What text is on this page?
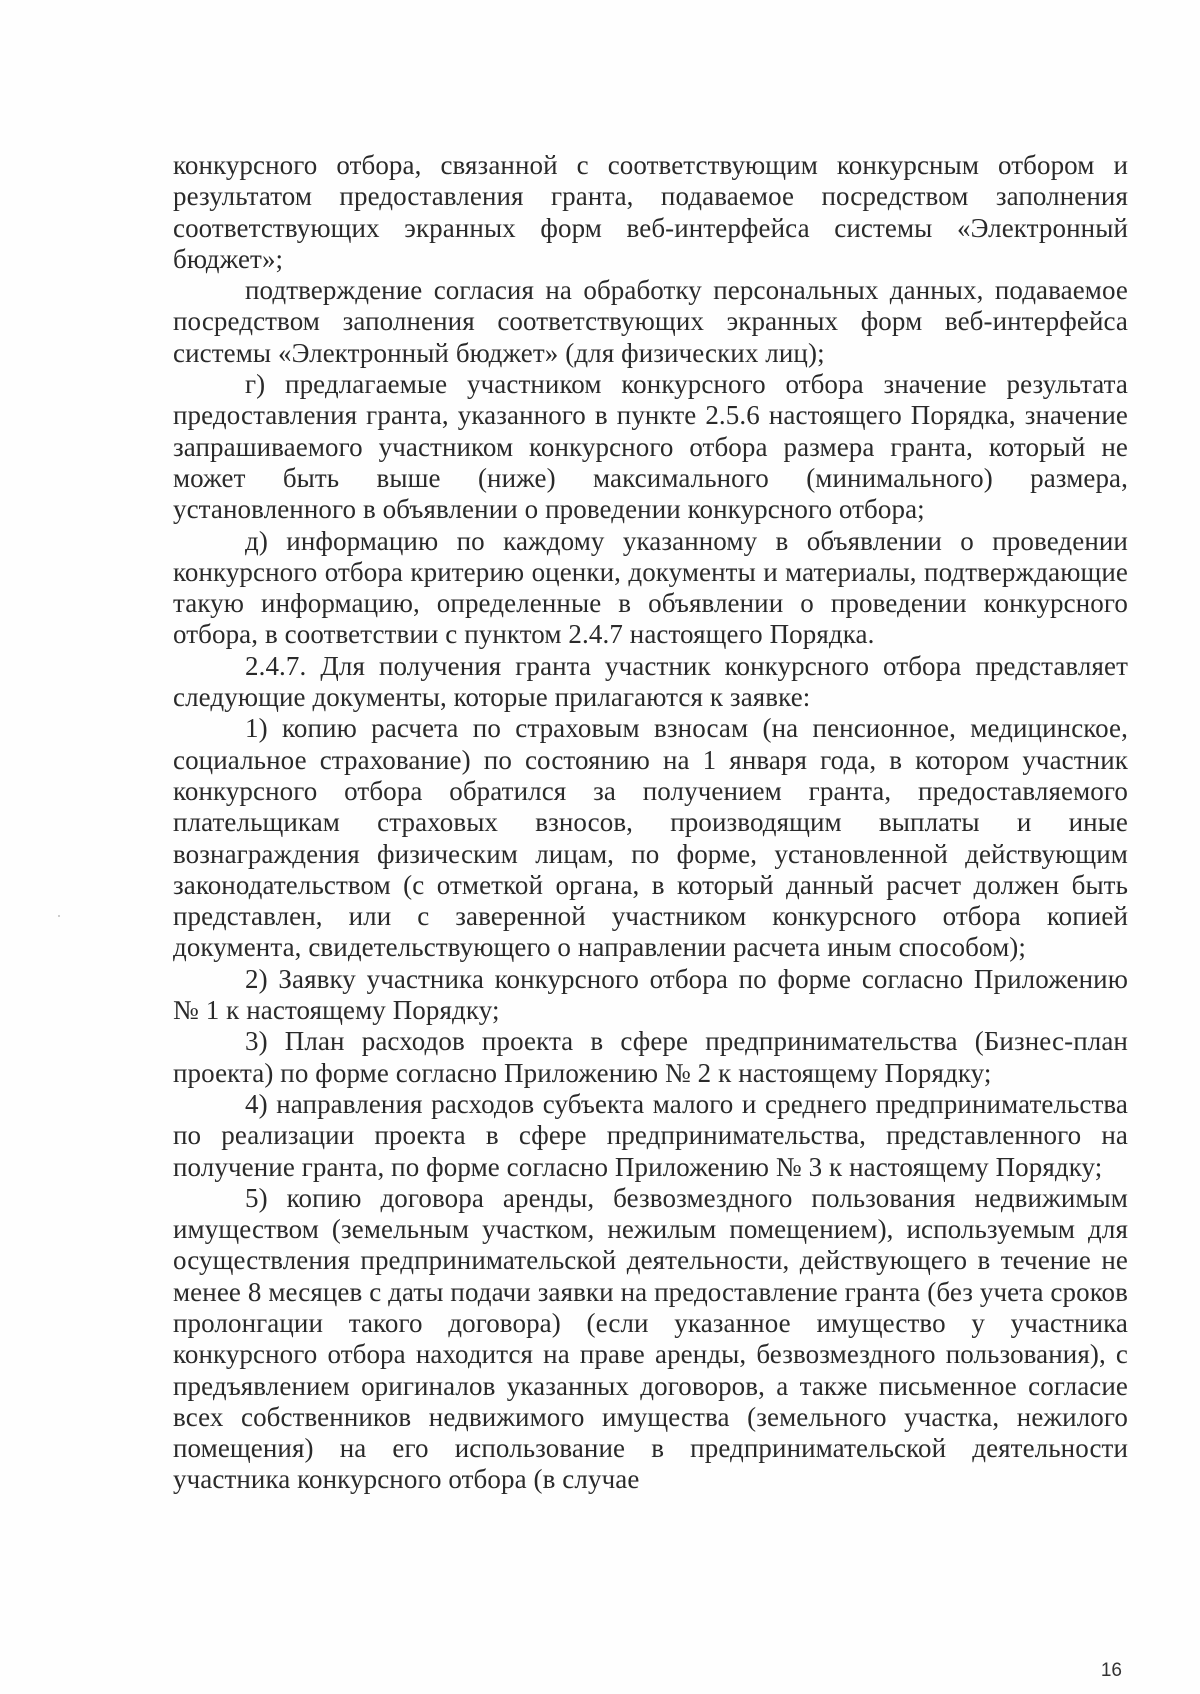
конкурсного отбора, связанной с соответствующим конкурсным отбором и результатом предоставления гранта, подаваемое посредством заполнения соответствующих экранных форм веб-интерфейса системы «Электронный бюджет»;

подтверждение согласия на обработку персональных данных, подаваемое посредством заполнения соответствующих экранных форм веб-интерфейса системы «Электронный бюджет» (для физических лиц);

г) предлагаемые участником конкурсного отбора значение результата предоставления гранта, указанного в пункте 2.5.6 настоящего Порядка, значение запрашиваемого участником конкурсного отбора размера гранта, который не может быть выше (ниже) максимального (минимального) размера, установленного в объявлении о проведении конкурсного отбора;

д) информацию по каждому указанному в объявлении о проведении конкурсного отбора критерию оценки, документы и материалы, подтверждающие такую информацию, определенные в объявлении о проведении конкурсного отбора, в соответствии с пунктом 2.4.7 настоящего Порядка.

2.4.7. Для получения гранта участник конкурсного отбора представляет следующие документы, которые прилагаются к заявке:

1) копию расчета по страховым взносам (на пенсионное, медицинское, социальное страхование) по состоянию на 1 января года, в котором участник конкурсного отбора обратился за получением гранта, предоставляемого плательщикам страховых взносов, производящим выплаты и иные вознаграждения физическим лицам, по форме, установленной действующим законодательством (с отметкой органа, в который данный расчет должен быть представлен, или с заверенной участником конкурсного отбора копией документа, свидетельствующего о направлении расчета иным способом);

2) Заявку участника конкурсного отбора по форме согласно Приложению № 1 к настоящему Порядку;

3) План расходов проекта в сфере предпринимательства (Бизнес-план проекта) по форме согласно Приложению № 2 к настоящему Порядку;

4) направления расходов субъекта малого и среднего предпринимательства по реализации проекта в сфере предпринимательства, представленного на получение гранта, по форме согласно Приложению № 3 к настоящему Порядку;

5) копию договора аренды, безвозмездного пользования недвижимым имуществом (земельным участком, нежилым помещением), используемым для осуществления предпринимательской деятельности, действующего в течение не менее 8 месяцев с даты подачи заявки на предоставление гранта (без учета сроков пролонгации такого договора) (если указанное имущество у участника конкурсного отбора находится на праве аренды, безвозмездного пользования), с предъявлением оригиналов указанных договоров, а также письменное согласие всех собственников недвижимого имущества (земельного участка, нежилого помещения) на его использование в предпринимательской деятельности участника конкурсного отбора (в случае

16
